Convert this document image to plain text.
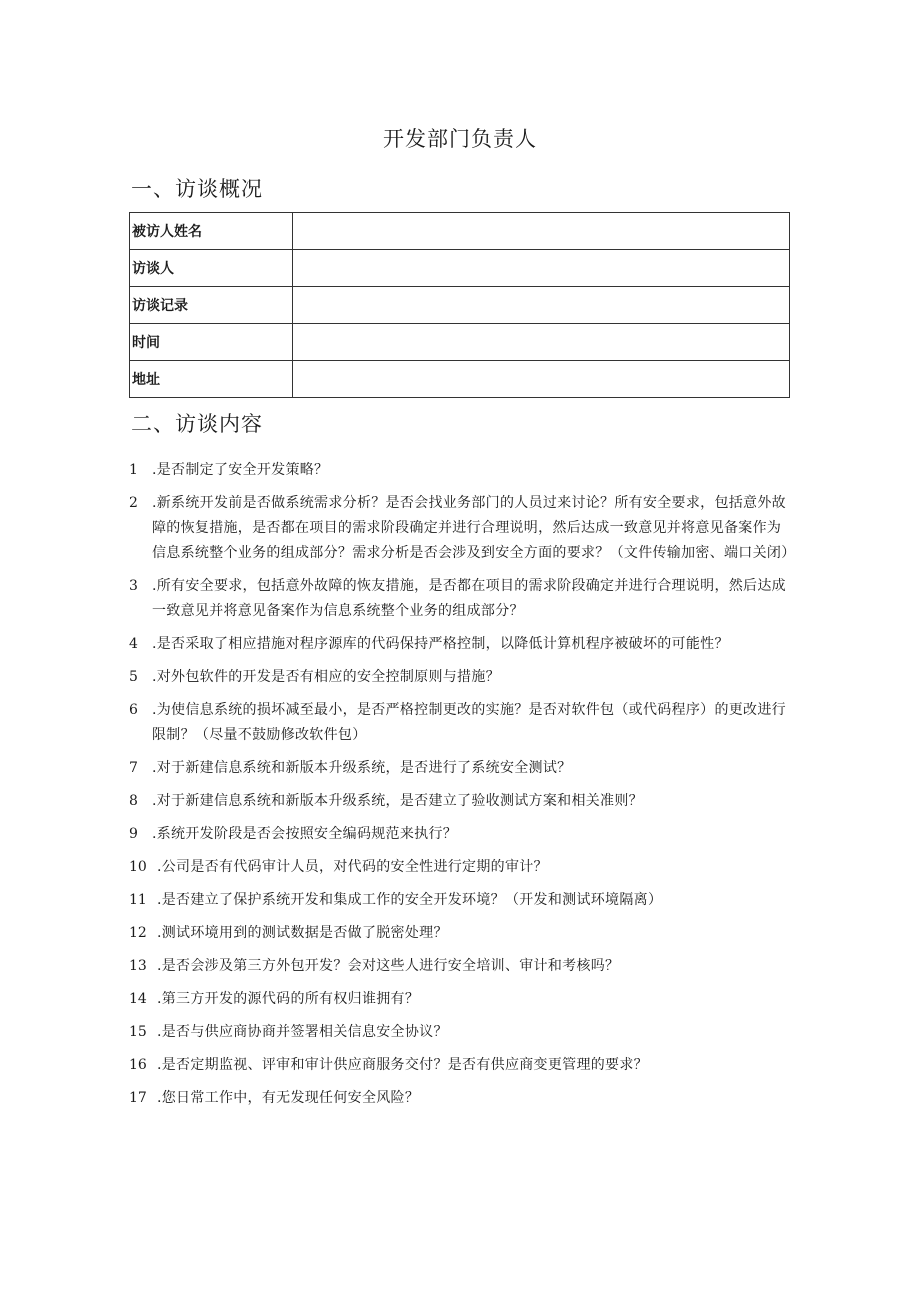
开发部门负责人
一、访谈概况
被访人姓名	
访谈人	
访谈记录	
时间	
地址	
二、访谈内容
1	.是否制定了安全开发策略？
2	.新系统开发前是否做系统需求分析？是否会找业务部门的人员过来讨论？所有安全要求，包括意外故障的恢复措施，是否都在项目的需求阶段确定并进行合理说明，然后达成一致意见并将意见备案作为信息系统整个业务的组成部分？需求分析是否会涉及到安全方面的要求？（文件传输加密、端口关闭）
3	.所有安全要求，包括意外故障的恢友措施，是否都在项目的需求阶段确定并进行合理说明，然后达成一致意见并将意见备案作为信息系统整个业务的组成部分？
4	.是否采取了相应措施对程序源库的代码保持严格控制，以降低计算机程序被破坏的可能性？
5	.对外包软件的开发是否有相应的安全控制原则与措施？
6	.为使信息系统的损坏减至最小，是否严格控制更改的实施？是否对软件包（或代码程序）的更改进行限制？（尽量不鼓励修改软件包）
7	.对于新建信息系统和新版本升级系统，是否进行了系统安全测试？
8	.对于新建信息系统和新版本升级系统，是否建立了验收测试方案和相关准则？
9	.系统开发阶段是否会按照安全编码规范来执行？
10 .公司是否有代码审计人员，对代码的安全性进行定期的审计？
11 .是否建立了保护系统开发和集成工作的安全开发环境？（开发和测试环境隔离）
12 .测试环境用到的测试数据是否做了脱密处理？
13 .是否会涉及第三方外包开发？会对这些人进行安全培训、审计和考核吗？
14 .第三方开发的源代码的所有权归谁拥有？
15 .是否与供应商协商并签署相关信息安全协议？
16 .是否定期监视、评审和审计供应商服务交付？是否有供应商变更管理的要求？
17 .您日常工作中，有无发现任何安全风险？
